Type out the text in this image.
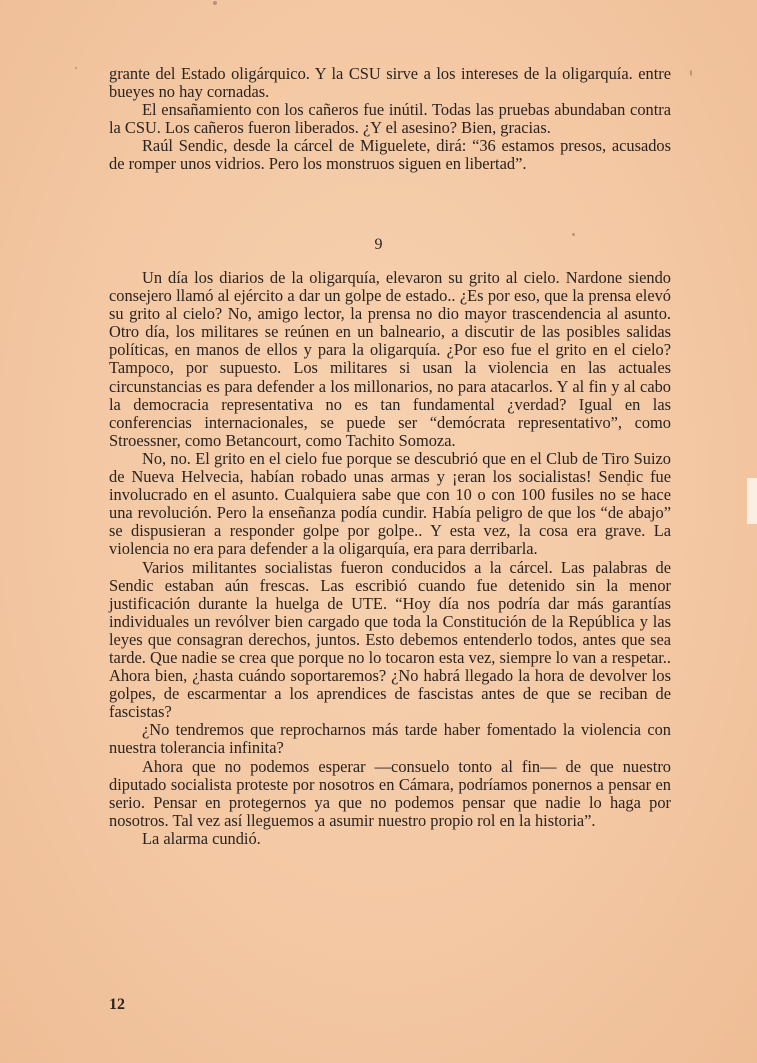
grante del Estado oligárquico. Y la CSU sirve a los intereses de la oligarquía. entre bueyes no hay cornadas.

El ensañamiento con los cañeros fue inútil. Todas las pruebas abundaban contra la CSU. Los cañeros fueron liberados. ¿Y el asesino? Bien, gracias.

Raúl Sendic, desde la cárcel de Miguelete, dirá: “36 estamos presos, acusados de romper unos vidrios. Pero los monstruos siguen en libertad”.

9

Un día los diarios de la oligarquía, elevaron su grito al cielo. Nardone siendo consejero llamó al ejército a dar un golpe de estado.. ¿Es por eso, que la prensa elevó su grito al cielo? No, amigo lector, la prensa no dio mayor trascendencia al asunto. Otro día, los militares se reúnen en un balneario, a discutir de las posibles salidas políticas, en manos de ellos y para la oligarquía. ¿Por eso fue el grito en el cielo? Tampoco, por supuesto. Los militares si usan la violencia en las actuales circunstancias es para defender a los millonarios, no para atacarlos. Y al fin y al cabo la democracia representativa no es tan fundamental ¿verdad? Igual en las conferencias internacionales, se puede ser “demócrata representativo”, como Stroessner, como Betancourt, como Tachito Somoza.

No, no. El grito en el cielo fue porque se descubrió que en el Club de Tiro Suizo de Nueva Helvecia, habían robado unas armas y ¡eran los socialistas! Sendic fue involucrado en el asunto. Cualquiera sabe que con 10 o con 100 fusiles no se hace una revolución. Pero la enseñanza podía cundir. Había peligro de que los “de abajo” se dispusieran a responder golpe por golpe.. Y esta vez, la cosa era grave. La violencia no era para defender a la oligarquía, era para derribarla.

Varios militantes socialistas fueron conducidos a la cárcel. Las palabras de Sendic estaban aún frescas. Las escribió cuando fue detenido sin la menor justificación durante la huelga de UTE. “Hoy día nos podría dar más garantías individuales un revólver bien cargado que toda la Constitución de la República y las leyes que consagran derechos, juntos. Esto debemos entenderlo todos, antes que sea tarde. Que nadie se crea que porque no lo tocaron esta vez, siempre lo van a respetar.. Ahora bien, ¿hasta cuándo soportaremos? ¿No habrá llegado la hora de devolver los golpes, de escarmentar a los aprendices de fascistas antes de que se reciban de fascistas?

¿No tendremos que reprocharnos más tarde haber fomentado la violencia con nuestra tolerancia infinita?

Ahora que no podemos esperar —consuelo tonto al fin— de que nuestro diputado socialista proteste por nosotros en Cámara, podríamos ponernos a pensar en serio. Pensar en protegernos ya que no podemos pensar que nadie lo haga por nosotros. Tal vez así lleguemos a asumir nuestro propio rol en la historia”.

La alarma cundió.

12
